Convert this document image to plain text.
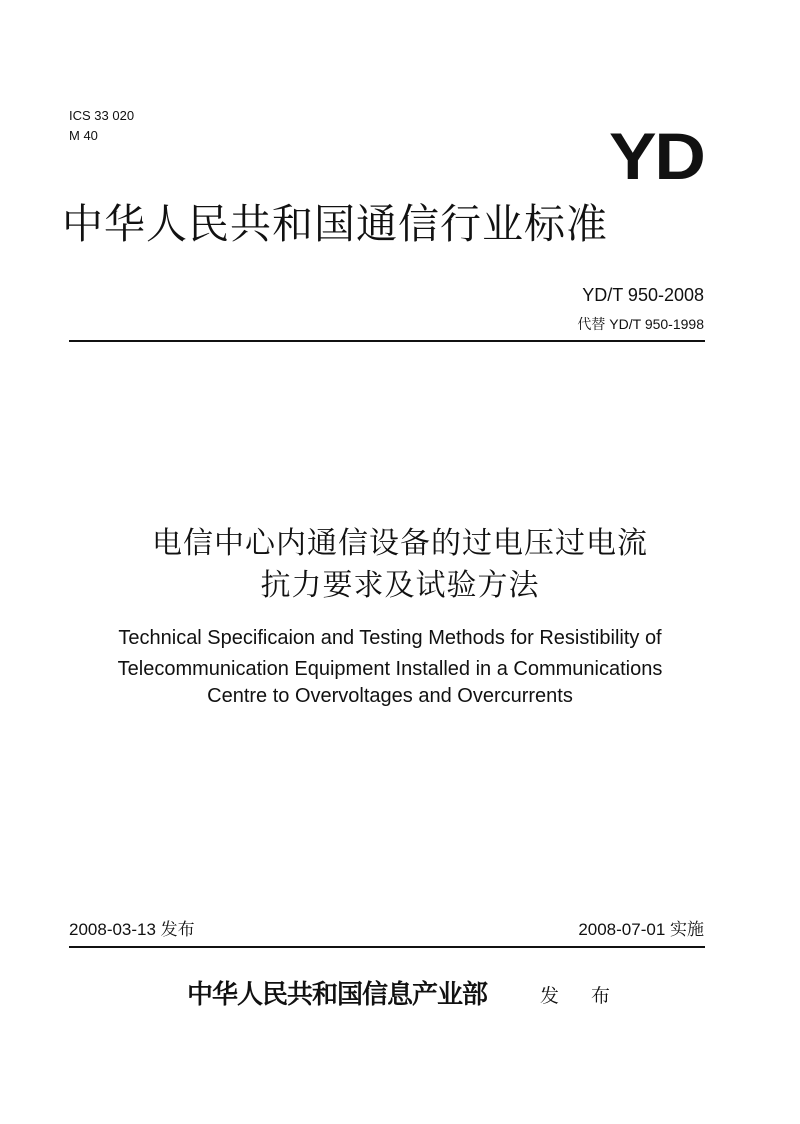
ICS 33 020
M 40	YD
中华人民共和国通信行业标准
YD/T 950-2008
代替 YD/T 950-1998
电信中心内通信设备的过电压过电流
抗力要求及试验方法
Technical Specificaion and Testing Methods for Resistibility of
Telecommunication Equipment Installed in a Communications
Centre to Overvoltages and Overcurrents
2008-03-13 发布	2008-07-01 实施
中华人民共和国信息产业部	发 布
